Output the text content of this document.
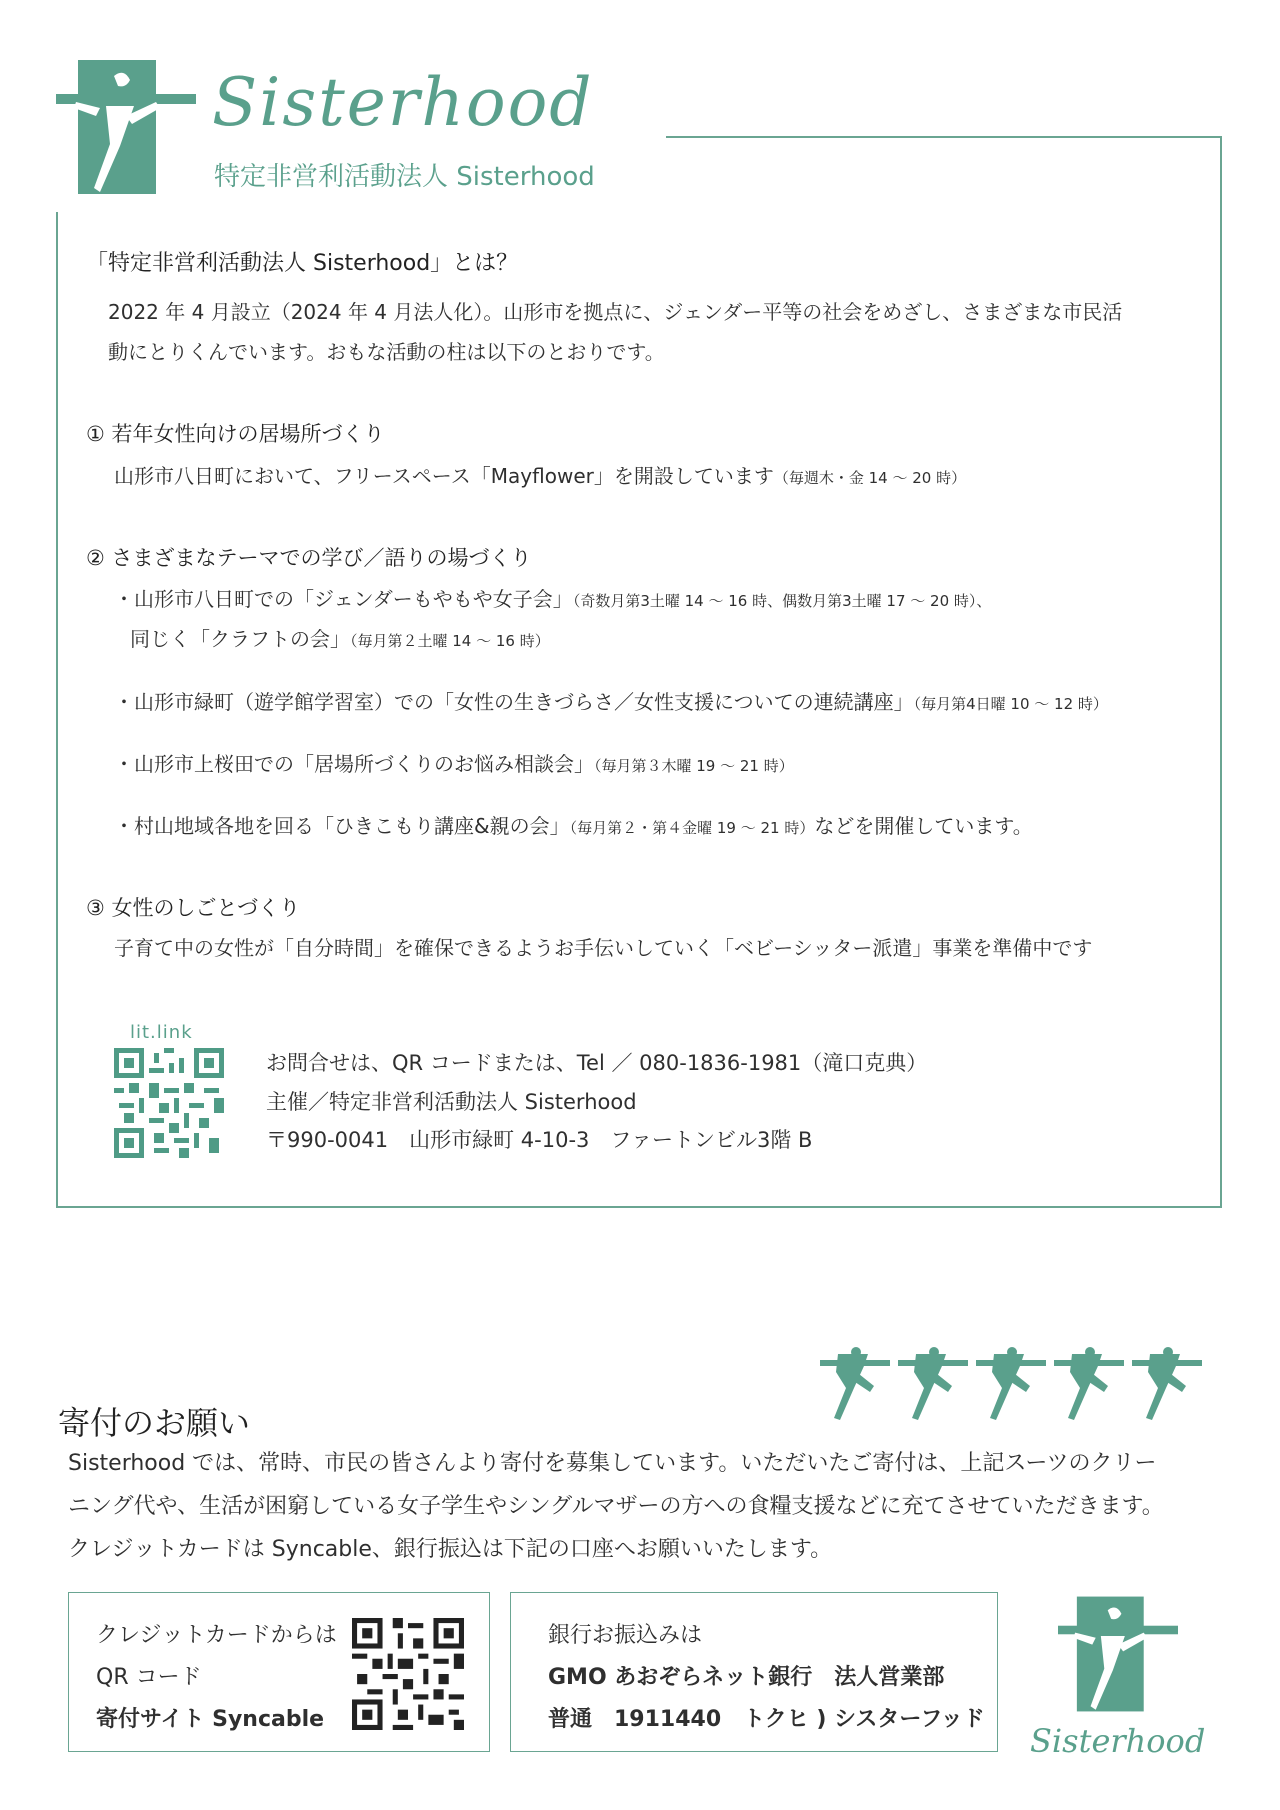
Sisterhood
特定非営利活動法人 Sisterhood
「特定非営利活動法人 Sisterhood」とは？
2022 年 4 月設立（2024 年 4 月法人化）。山形市を拠点に、ジェンダー平等の社会をめざし、さまざまな市民活
動にとりくんでいます。おもな活動の柱は以下のとおりです。
① 若年女性向けの居場所づくり
山形市八日町において、フリースペース「Mayflower」を開設しています（毎週木・金 14 ～ 20 時）
② さまざまなテーマでの学び／語りの場づくり
・山形市八日町での「ジェンダーもやもや女子会」（奇数月第3土曜 14 ～ 16 時、偶数月第3土曜 17 ～ 20 時）、
同じく「クラフトの会」（毎月第２土曜 14 ～ 16 時）
・山形市緑町（遊学館学習室）での「女性の生きづらさ／女性支援についての連続講座」（毎月第4日曜 10 ～ 12 時）
・山形市上桜田での「居場所づくりのお悩み相談会」（毎月第３木曜 19 ～ 21 時）
・村山地域各地を回る「ひきこもり講座&親の会」（毎月第２・第４金曜 19 ～ 21 時）などを開催しています。
③ 女性のしごとづくり
子育て中の女性が「自分時間」を確保できるようお手伝いしていく「ベビーシッター派遣」事業を準備中です
lit.link
お問合せは、QR コードまたは、Tel ／ 080-1836-1981（滝口克典）
主催／特定非営利活動法人 Sisterhood
〒990-0041　山形市緑町 4-10-3　ファートンビル3階 B
寄付のお願い
Sisterhood では、常時、市民の皆さんより寄付を募集しています。いただいたご寄付は、上記スーツのクリー
ニング代や、生活が困窮している女子学生やシングルマザーの方への食糧支援などに充てさせていただきます。
クレジットカードは Syncable、銀行振込は下記の口座へお願いいたします。
クレジットカードからは
QR コード
寄付サイト Syncable
銀行お振込みは
GMO あおぞらネット銀行　法人営業部
普通　1911440　トクヒ ) シスターフッド
Sisterhood
